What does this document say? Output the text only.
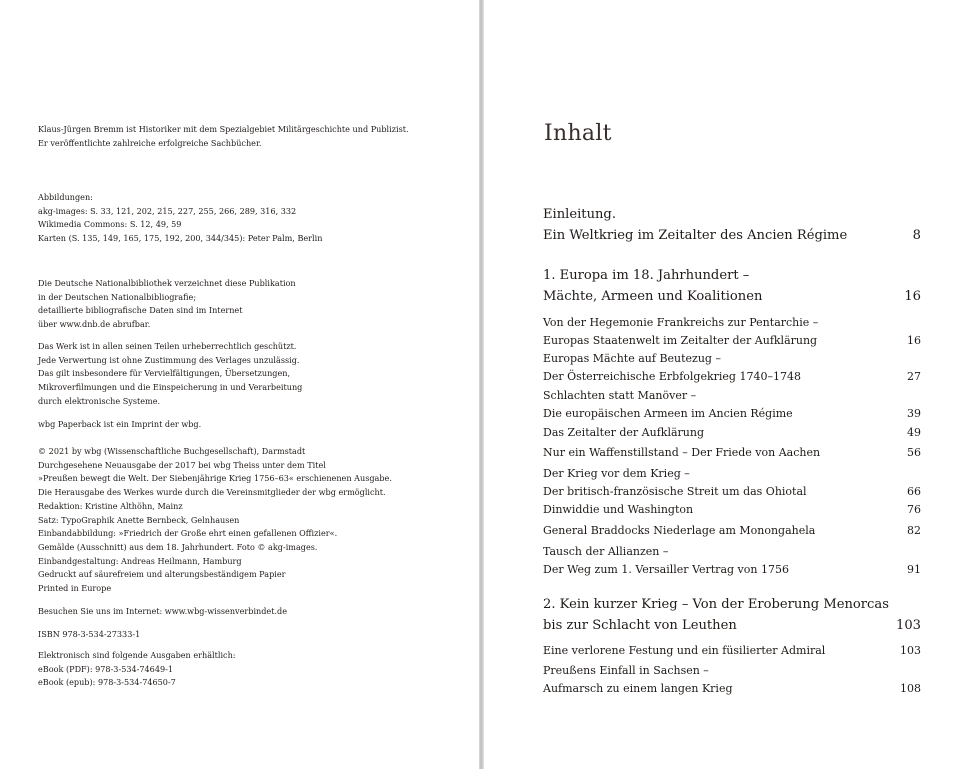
Klaus-Jürgen Bremm ist Historiker mit dem Spezialgebiet Militärgeschichte und Publizist.
Er veröffentlichte zahlreiche erfolgreiche Sachbücher.
Abbildungen:
akg-images: S. 33, 121, 202, 215, 227, 255, 266, 289, 316, 332
Wikimedia Commons: S. 12, 49, 59
Karten (S. 135, 149, 165, 175, 192, 200, 344/345): Peter Palm, Berlin
Die Deutsche Nationalbibliothek verzeichnet diese Publikation
in der Deutschen Nationalbibliografie;
detaillierte bibliografische Daten sind im Internet
über www.dnb.de abrufbar.
Das Werk ist in allen seinen Teilen urheberrechtlich geschützt.
Jede Verwertung ist ohne Zustimmung des Verlages unzulässig.
Das gilt insbesondere für Vervielfältigungen, Übersetzungen,
Mikroverfilmungen und die Einspeicherung in und Verarbeitung
durch elektronische Systeme.
wbg Paperback ist ein Imprint der wbg.
© 2021 by wbg (Wissenschaftliche Buchgesellschaft), Darmstadt
Durchgesehene Neuausgabe der 2017 bei wbg Theiss unter dem Titel
»Preußen bewegt die Welt. Der Siebenjährige Krieg 1756–63« erschienenen Ausgabe.
Die Herausgabe des Werkes wurde durch die Vereinsmitglieder der wbg ermöglicht.
Redaktion: Kristine Althöhn, Mainz
Satz: TypoGraphik Anette Bernbeck, Gelnhausen
Einbandabbildung: »Friedrich der Große ehrt einen gefallenen Offizier«.
Gemälde (Ausschnitt) aus dem 18. Jahrhundert. Foto © akg-images.
Einbandgestaltung: Andreas Heilmann, Hamburg
Gedruckt auf säurefreiem und alterungsbeständigem Papier
Printed in Europe
Besuchen Sie uns im Internet: www.wbg-wissenverbindet.de
ISBN 978-3-534-27333-1
Elektronisch sind folgende Ausgaben erhältlich:
eBook (PDF): 978-3-534-74649-1
eBook (epub): 978-3-534-74650-7
Inhalt
Einleitung.
Ein Weltkrieg im Zeitalter des Ancien Régime	8
1. Europa im 18. Jahrhundert –
Mächte, Armeen und Koalitionen	16
Von der Hegemonie Frankreichs zur Pentarchie –
Europas Staatenwelt im Zeitalter der Aufklärung	16
Europas Mächte auf Beutezug –
Der Österreichische Erbfolgekrieg 1740–1748	27
Schlachten statt Manöver –
Die europäischen Armeen im Ancien Régime	39
Das Zeitalter der Aufklärung	49
Nur ein Waffenstillstand – Der Friede von Aachen	56
Der Krieg vor dem Krieg –
Der britisch-französische Streit um das Ohiotal	66
Dinwiddie und Washington	76
General Braddocks Niederlage am Monongahela	82
Tausch der Allianzen –
Der Weg zum 1. Versailler Vertrag von 1756	91
2. Kein kurzer Krieg – Von der Eroberung Menorcas
bis zur Schlacht von Leuthen	103
Eine verlorene Festung und ein füsilierter Admiral	103
Preußens Einfall in Sachsen –
Aufmarsch zu einem langen Krieg	108
